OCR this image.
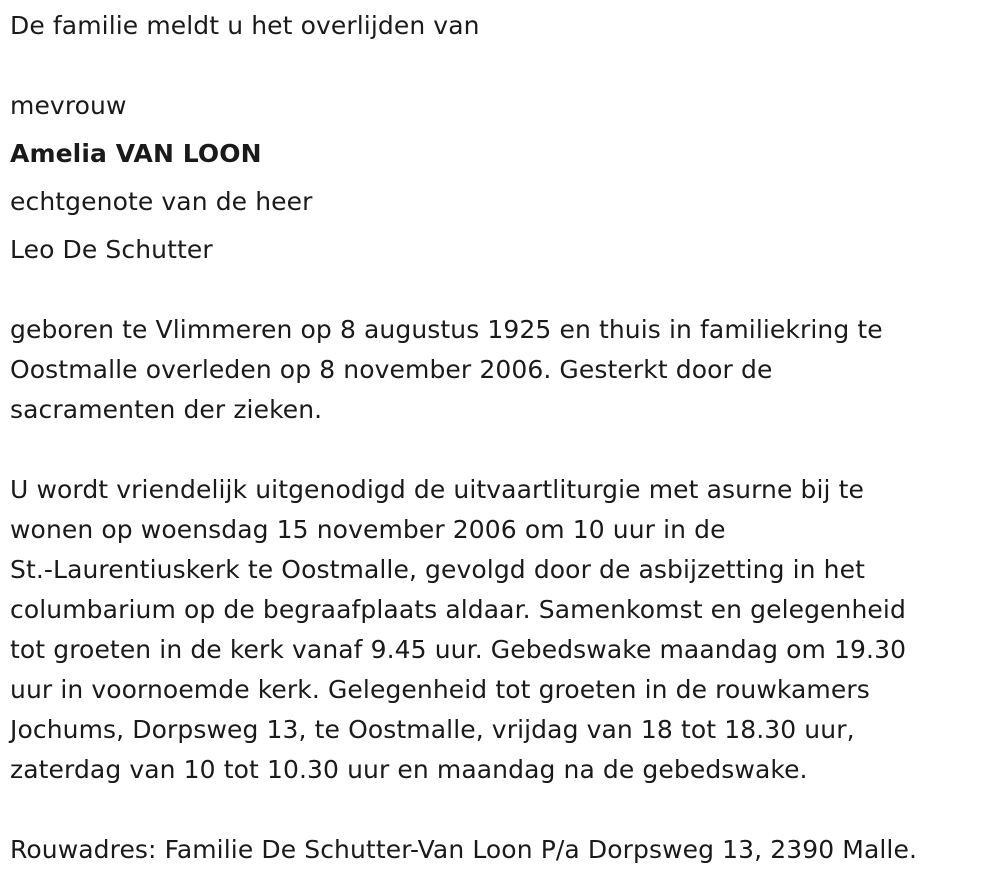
De familie meldt u het overlijden van
mevrouw
Amelia VAN LOON
echtgenote van de heer
Leo De Schutter

geboren te Vlimmeren op 8 augustus 1925 en thuis in familiekring te
Oostmalle overleden op 8 november 2006. Gesterkt door de
sacramenten der zieken.

U wordt vriendelijk uitgenodigd de uitvaartliturgie met asurne bij te
wonen op woensdag 15 november 2006 om 10 uur in de
St.-Laurentiuskerk te Oostmalle, gevolgd door de asbijzetting in het
columbarium op de begraafplaats aldaar. Samenkomst en gelegenheid
tot groeten in de kerk vanaf 9.45 uur. Gebedswake maandag om 19.30
uur in voornoemde kerk. Gelegenheid tot groeten in de rouwkamers
Jochums, Dorpsweg 13, te Oostmalle, vrijdag van 18 tot 18.30 uur,
zaterdag van 10 tot 10.30 uur en maandag na de gebedswake.

Rouwadres: Familie De Schutter-Van Loon P/a Dorpsweg 13, 2390 Malle.
